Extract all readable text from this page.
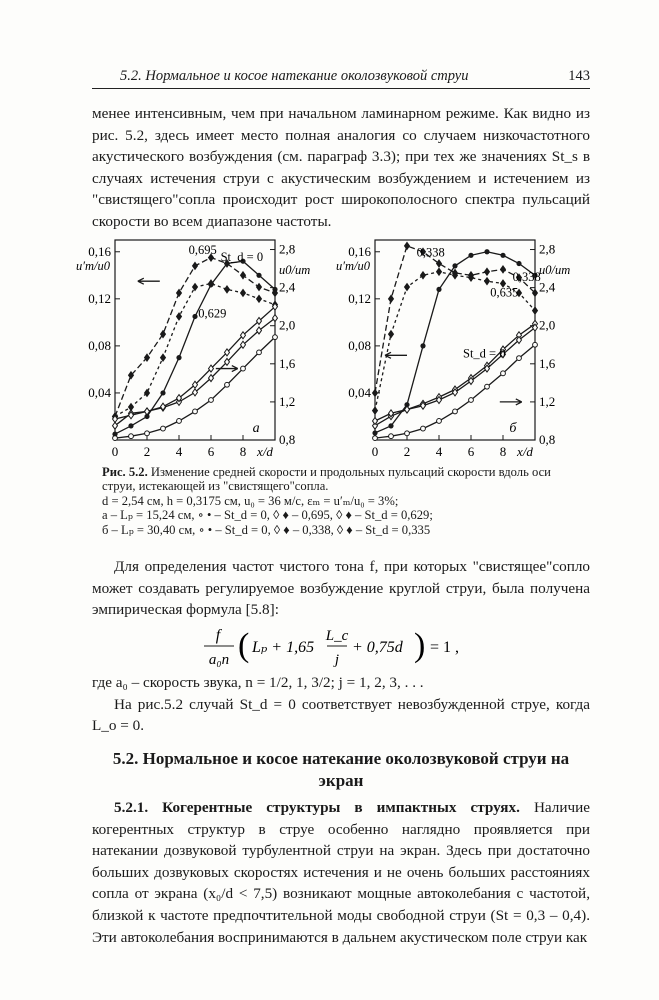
5.2. Нормальное и косое натекание околозвуковой струи	143

менее интенсивным, чем при начальном ламинарном режиме. Как видно из рис. 5.2, здесь имеет место полная аналогия со случаем низкочастотного акустического возбуждения (см. параграф 3.3); при тех же значениях St_s в случаях истечения струи с акустическим возбуждением и истечением из "свистящего"сопла происходит рост широкополосного спектра пульсаций скорости во всем диапазоне частоты.

0 2 4 6 8 x/d
0,16
0,12
0,08
0,04
u′m/u0
2,8
2,4
2,0
1,6
1,2
0,8
u0/um
0,695
St_d = 0
0,629
а
0 2 4 6 8 x/d
0,16
0,12
0,08
0,04
u′m/u0
2,8
2,4
2,0
1,6
1,2
0,8
u0/um
0,338
0,338
0,635
St_d = 0
б

Рис. 5.2. Изменение средней скорости и продольных пульсаций скорости вдоль оси струи, истекающей из "свистящего"сопла.
d = 2,54 см, h = 0,3175 см, u₀ = 36 м/с, εₘ = u′ₘ/u₀ = 3%;
a – Lₚ = 15,24 см, ∘ • – St_d = 0, ◊ ♦ – 0,695, ◊ ♦ – St_d = 0,629;
б – Lₚ = 30,40 см, ∘ • – St_d = 0, ◊ ♦ – 0,338, ◊ ♦ – St_d = 0,335

Для определения частот чистого тона f, при которых "свистящее"сопло может создавать регулируемое возбуждение круглой струи, была получена эмпирическая формула [5.8]:

f
a₀n ( Lₚ + 1,65
L_c
j
+ 0,75d ) = 1 ,
где a₀ – скорость звука, n = 1/2, 1, 3/2; j = 1, 2, 3, . . .
На рис.5.2 случай St_d = 0 соответствует невозбужденной струе, когда L_o = 0.
5.2. Нормальное и косое натекание околозвуковой струи на экран

5.2.1. Когерентные структуры в импактных струях. Наличие когерентных структур в струе особенно наглядно проявляется при натекании дозвуковой турбулентной струи на экран. Здесь при достаточно больших дозвуковых скоростях истечения и не очень больших расстояниях сопла от экрана (x₀/d < 7,5) возникают мощные автоколебания с частотой, близкой к частоте предпочтительной моды свободной струи (St = 0,3 – 0,4). Эти автоколебания воспринимаются в дальнем акустическом поле струи как
